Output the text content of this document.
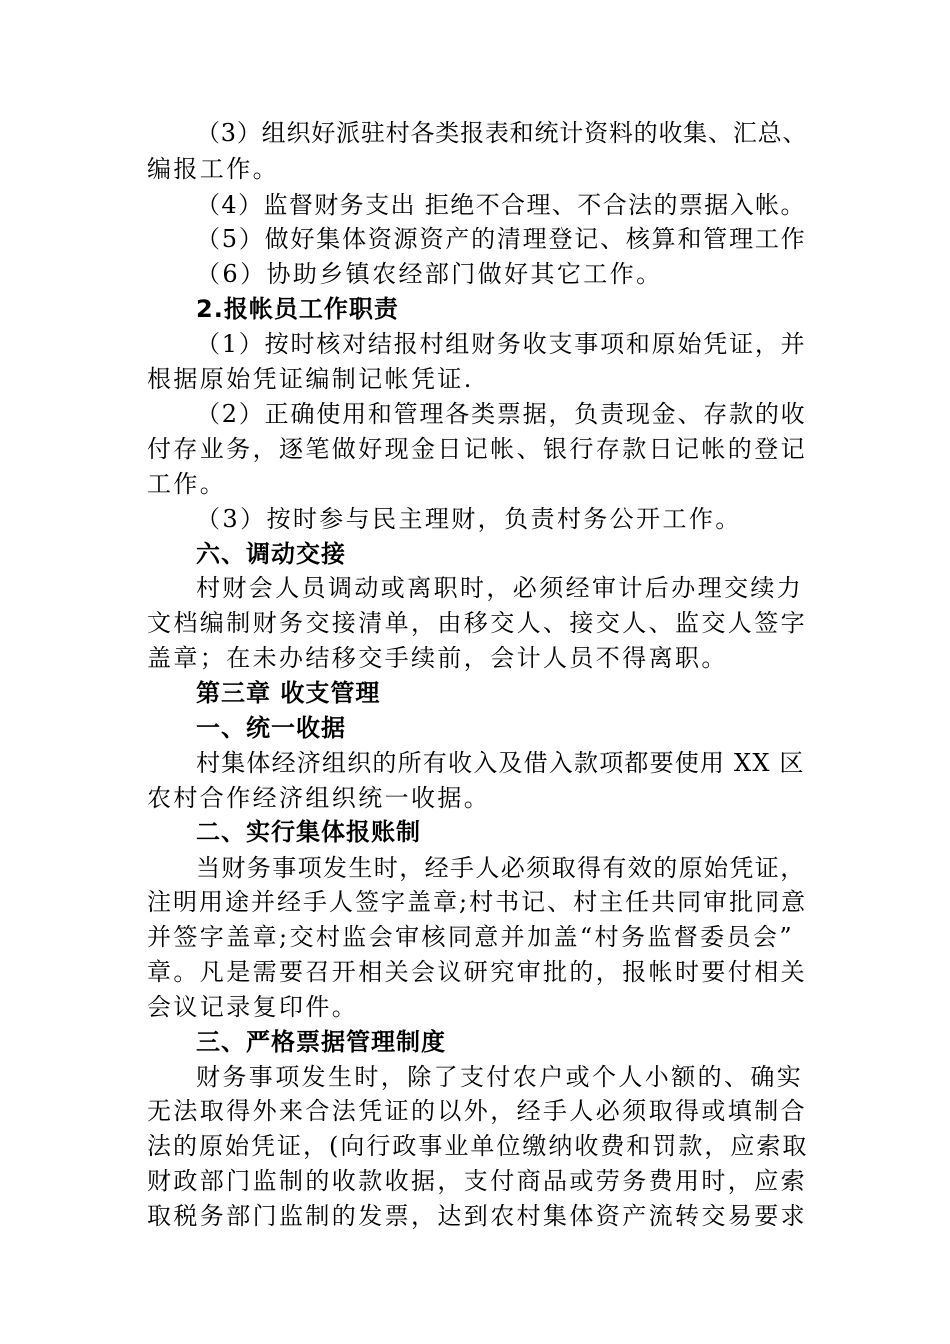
（3）组织好派驻村各类报表和统计资料的收集、汇总、
编报工作。
（4）监督财务支出 拒绝不合理、不合法的票据入帐。
（5）做好集体资源资产的清理登记、核算和管理工作
（6）协助乡镇农经部门做好其它工作。
2.报帐员工作职责
（1）按时核对结报村组财务收支事项和原始凭证，并
根据原始凭证编制记帐凭证.
（2）正确使用和管理各类票据，负责现金、存款的收
付存业务，逐笔做好现金日记帐、银行存款日记帐的登记
工作。
（3）按时参与民主理财，负责村务公开工作。
六、调动交接
村财会人员调动或离职时，必须经审计后办理交续力
文档编制财务交接清单，由移交人、接交人、监交人签字
盖章；在未办结移交手续前，会计人员不得离职。
第三章 收支管理
一、统一收据
村集体经济组织的所有收入及借入款项都要使用 XX 区
农村合作经济组织统一收据。
二、实行集体报账制
当财务事项发生时，经手人必须取得有效的原始凭证，
注明用途并经手人签字盖章;村书记、村主任共同审批同意
并签字盖章;交村监会审核同意并加盖“村务监督委员会”
章。凡是需要召开相关会议研究审批的，报帐时要付相关
会议记录复印件。
三、严格票据管理制度
财务事项发生时，除了支付农户或个人小额的、确实
无法取得外来合法凭证的以外，经手人必须取得或填制合
法的原始凭证，(向行政事业单位缴纳收费和罚款，应索取
财政部门监制的收款收据，支付商品或劳务费用时，应索
取税务部门监制的发票，达到农村集体资产流转交易要求
